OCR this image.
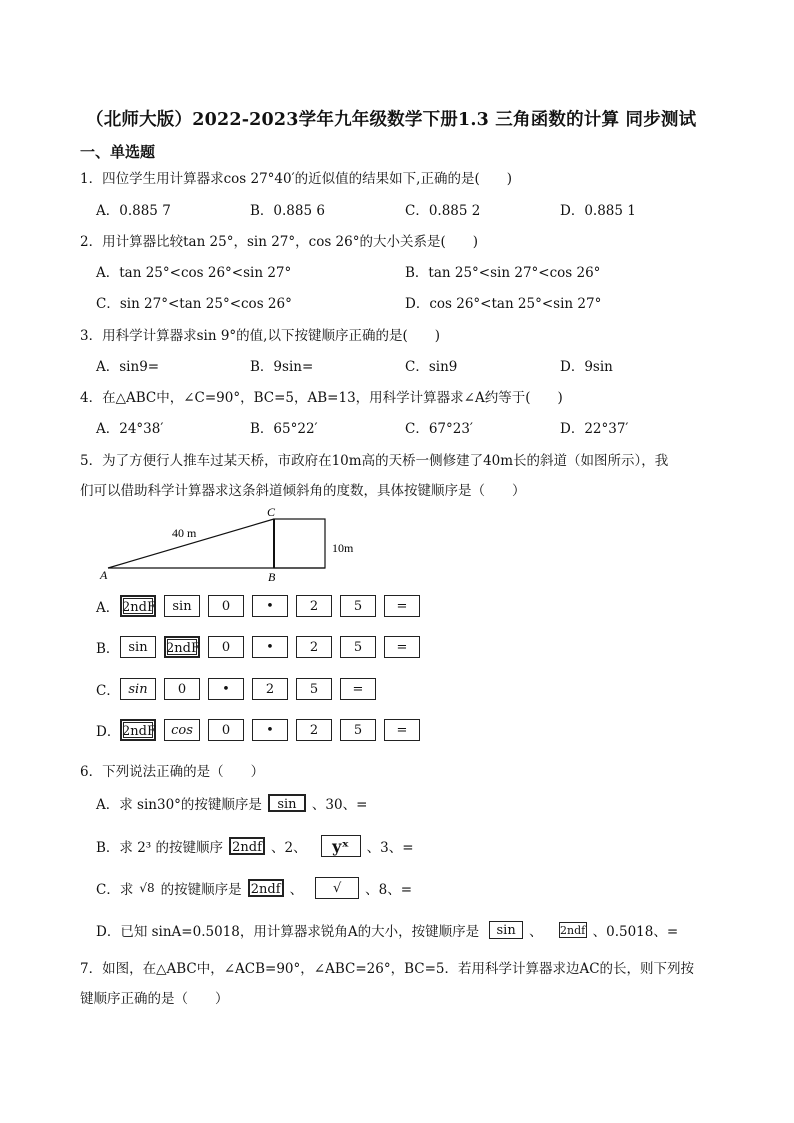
（北师大版）2022-2023学年九年级数学下册1.3 三角函数的计算 同步测试
一、单选题
1．四位学生用计算器求cos 27°40′的近似值的结果如下,正确的是(　　)
A．0.885 7	B．0.885 6	C．0.885 2	D．0.885 1
2．用计算器比较tan 25°，sin 27°，cos 26°的大小关系是(　　)
A．tan 25°<cos 26°<sin 27°	B．tan 25°<sin 27°<cos 26°
C．sin 27°<tan 25°<cos 26°	D．cos 26°<tan 25°<sin 27°
3．用科学计算器求sin 9°的值,以下按键顺序正确的是(　　)
A．sin9=	B．9sin=	C．sin9	D．9sin
4．在△ABC中，∠C=90°，BC=5，AB=13，用科学计算器求∠A约等于(　　)
A．24°38′	B．65°22′	C．67°23′	D．22°37′
5．为了方便行人推车过某天桥，市政府在10m高的天桥一侧修建了40m长的斜道（如图所示），我
们可以借助科学计算器求这条斜道倾斜角的度数，具体按键顺序是（　　）
A	B
C
40 m
10m
A． 2ndF	sin	0	•	2	5	=
B． sin	2ndF	0	•	2	5	=
C． sin	0	•	2	5	=
D． 2ndF	cos	0	•	2	5	=
6．下列说法正确的是（　　）
A．求 sin30°的按键顺序是	sin	、30、=
B．求 2³ 的按键顺序 2ndf 、2、	yˣ	、3、=
C．求 √8 的按键顺序是 2ndf 、	√	、8、=
D．已知 sinA=0.5018，用计算器求锐角A的大小，按键顺序是	sin 、 2ndf 、0.5018、=
7．如图，在△ABC中，∠ACB=90°，∠ABC=26°，BC=5．若用科学计算器求边AC的长，则下列按
键顺序正确的是（　　）
